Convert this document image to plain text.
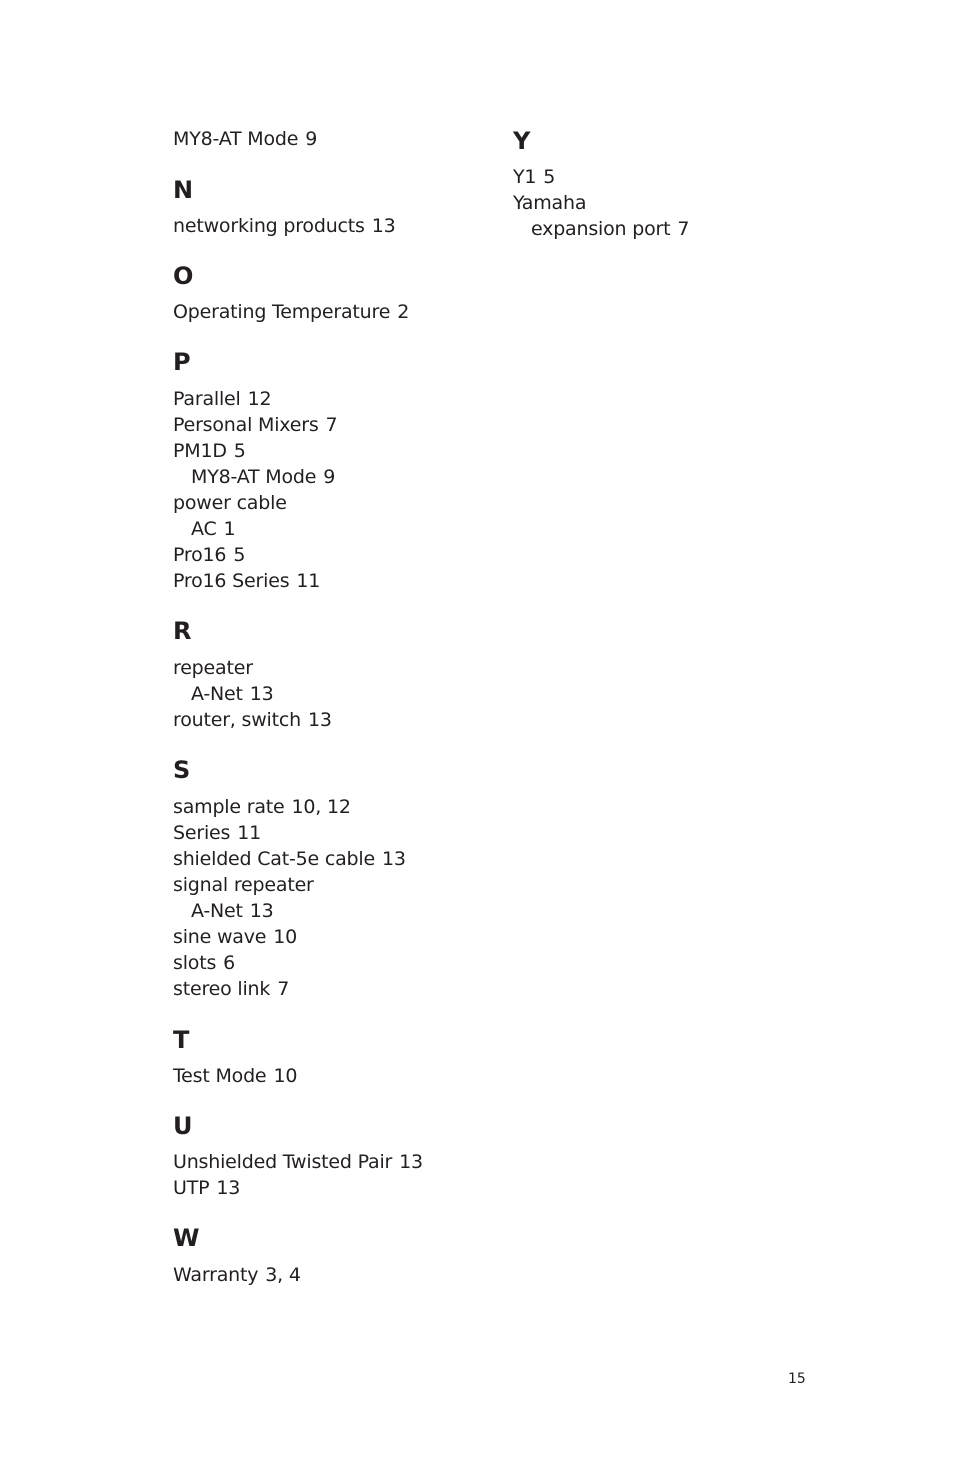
MY8-AT Mode 9
N
networking products 13
O
Operating Temperature 2
P
Parallel 12
Personal Mixers 7
PM1D 5
MY8-AT Mode 9
power cable
AC 1
Pro16 5
Pro16 Series 11
R
repeater
A-Net 13
router, switch 13
S
sample rate 10, 12
Series 11
shielded Cat-5e cable 13
signal repeater
A-Net 13
sine wave 10
slots 6
stereo link 7
T
Test Mode 10
U
Unshielded Twisted Pair 13
UTP 13
W
Warranty 3, 4
Y
Y1 5
Yamaha
expansion port 7
15
